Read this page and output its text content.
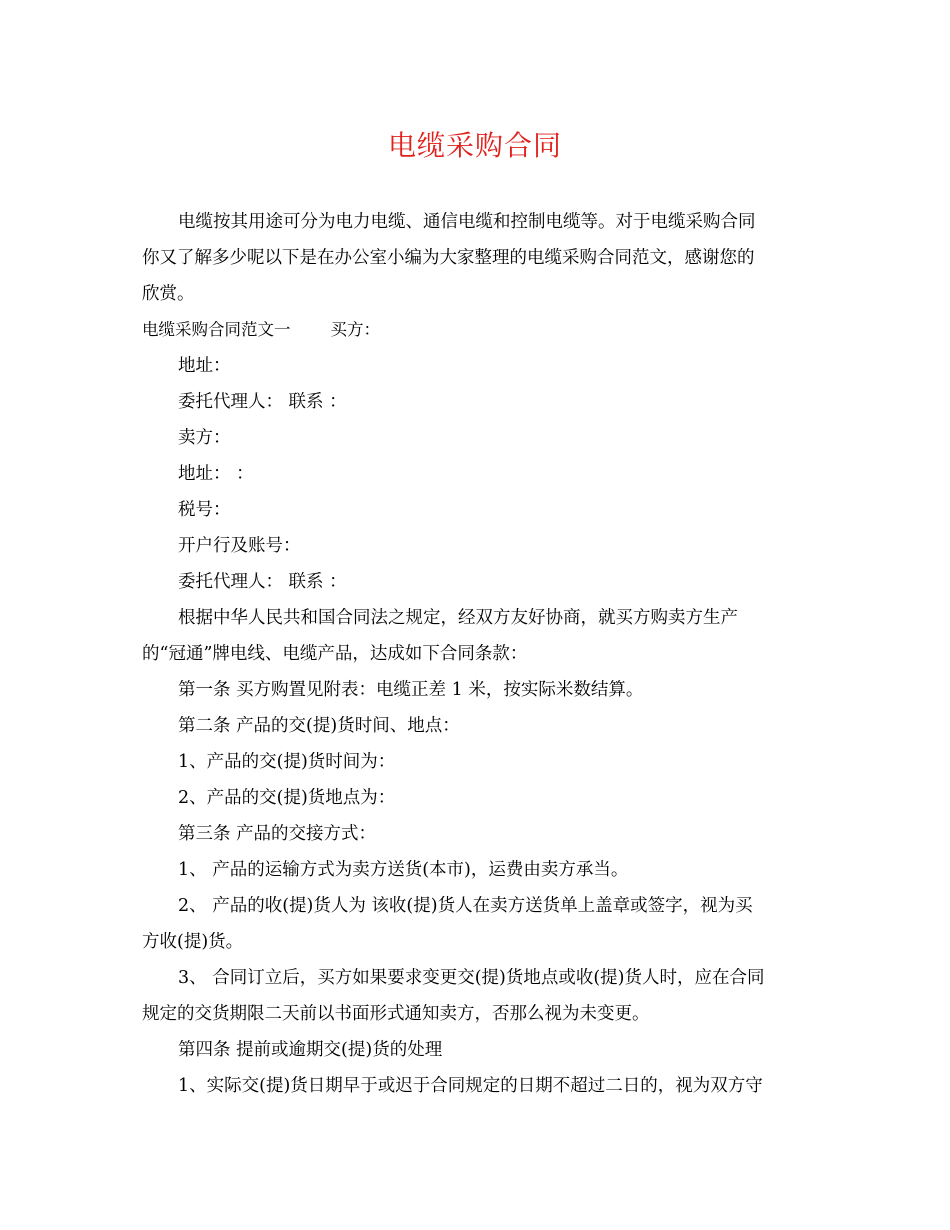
电缆采购合同

电缆按其用途可分为电力电缆、通信电缆和控制电缆等。对于电缆采购合同

你又了解多少呢以下是在办公室小编为大家整理的电缆采购合同范文，感谢您的

欣赏。

电缆采购合同范文一 买方：

地址：

委托代理人： 联系 ：

卖方：

地址： ：

税号：

开户行及账号：

委托代理人： 联系 ：

根据中华人民共和国合同法之规定，经双方友好协商，就买方购卖方生产

的“冠通”牌电线、电缆产品，达成如下合同条款：

第一条 买方购置见附表：电缆正差 1 米，按实际米数结算。

第二条 产品的交(提)货时间、地点：

1、产品的交(提)货时间为：

2、产品的交(提)货地点为：

第三条 产品的交接方式：

1、 产品的运输方式为卖方送货(本市)，运费由卖方承当。

2、 产品的收(提)货人为 该收(提)货人在卖方送货单上盖章或签字，视为买

方收(提)货。

3、 合同订立后，买方如果要求变更交(提)货地点或收(提)货人时，应在合同

规定的交货期限二天前以书面形式通知卖方，否那么视为未变更。

第四条 提前或逾期交(提)货的处理

1、实际交(提)货日期早于或迟于合同规定的日期不超过二日的，视为双方守
